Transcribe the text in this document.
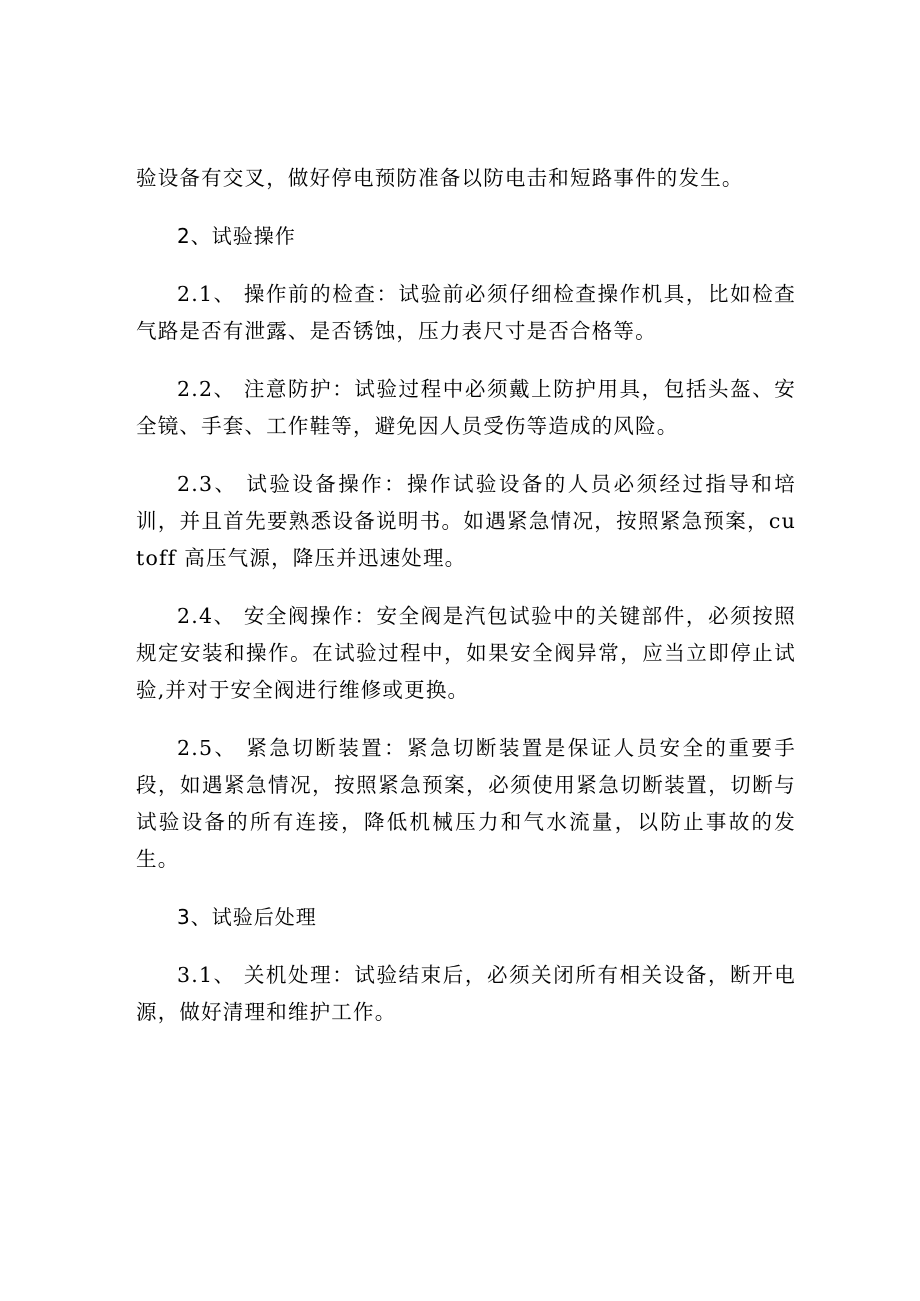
验设备有交叉，做好停电预防准备以防电击和短路事件的发生。

2、试验操作

2.1、 操作前的检查：试验前必须仔细检查操作机具，比如检查气路是否有泄露、是否锈蚀，压力表尺寸是否合格等。

2.2、 注意防护：试验过程中必须戴上防护用具，包括头盔、安全镜、手套、工作鞋等，避免因人员受伤等造成的风险。

2.3、 试验设备操作：操作试验设备的人员必须经过指导和培训，并且首先要熟悉设备说明书。如遇紧急情况，按照紧急预案，cutoff 高压气源，降压并迅速处理。

2.4、 安全阀操作：安全阀是汽包试验中的关键部件，必须按照规定安装和操作。在试验过程中，如果安全阀异常，应当立即停止试验,并对于安全阀进行维修或更换。

2.5、 紧急切断装置：紧急切断装置是保证人员安全的重要手段，如遇紧急情况，按照紧急预案，必须使用紧急切断装置，切断与试验设备的所有连接，降低机械压力和气水流量，以防止事故的发生。

3、试验后处理

3.1、 关机处理：试验结束后，必须关闭所有相关设备，断开电源，做好清理和维护工作。
